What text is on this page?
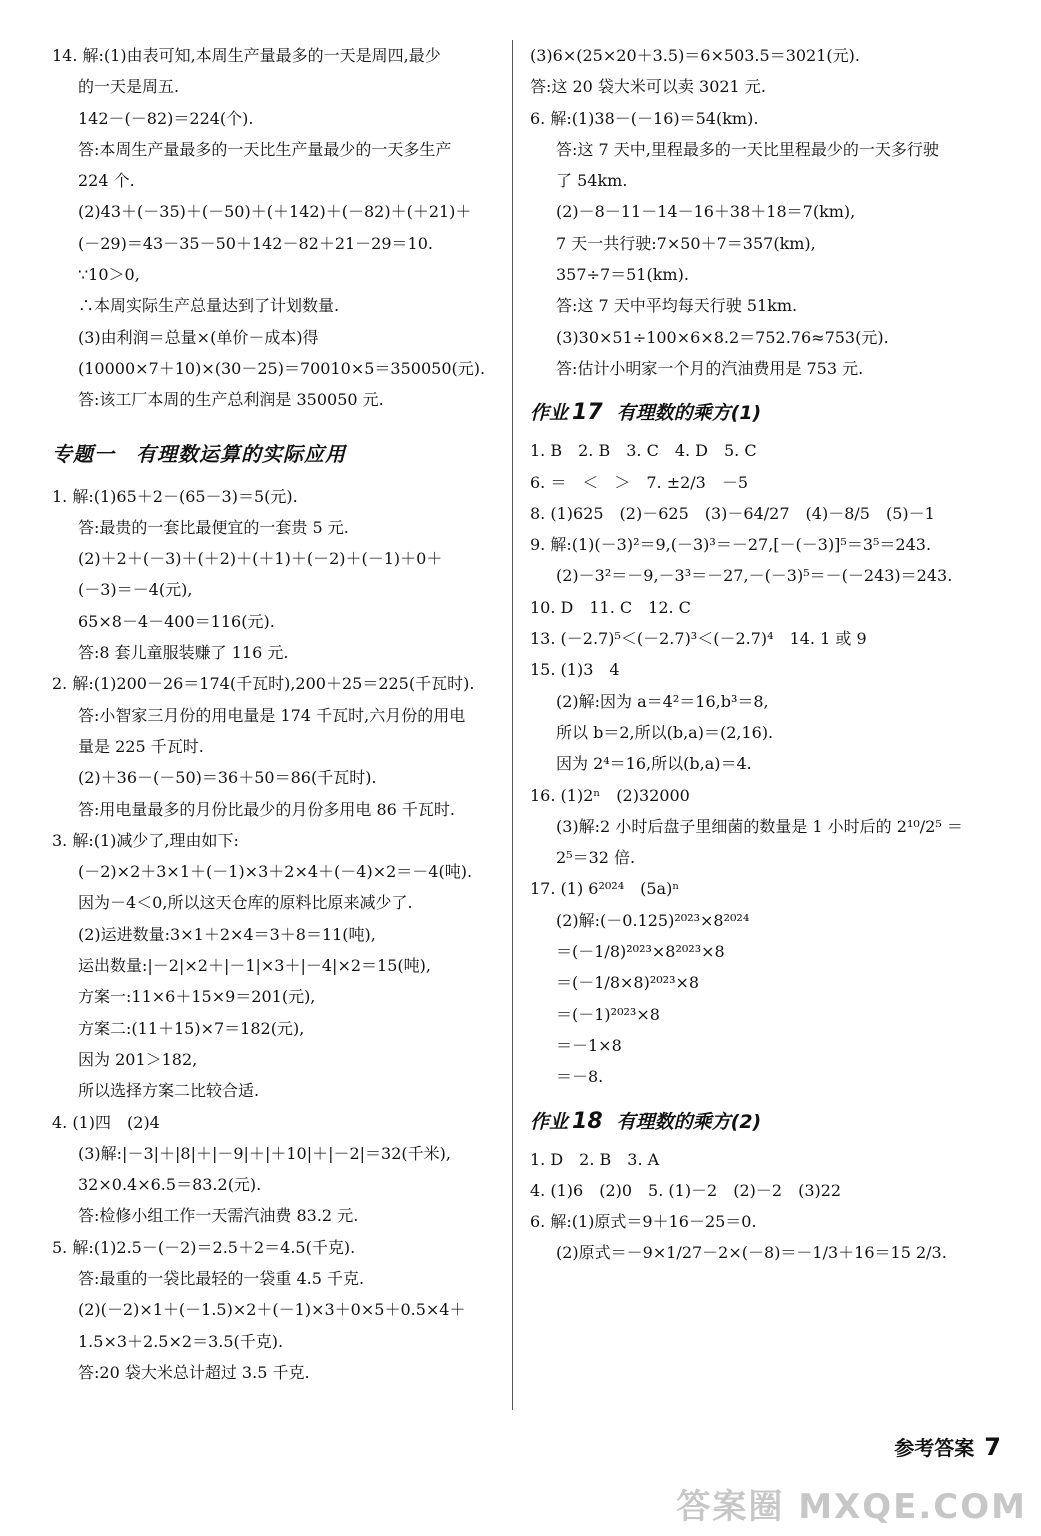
14. 解:(1)由表可知,本周生产量最多的一天是周四,最少
的一天是周五.
142－(－82)＝224(个).
答:本周生产量最多的一天比生产量最少的一天多生产
224 个.
(2)43＋(－35)＋(－50)＋(＋142)＋(－82)＋(＋21)＋
(－29)＝43－35－50＋142－82＋21－29＝10.
∵10＞0,
∴本周实际生产总量达到了计划数量.
(3)由利润＝总量×(单价－成本)得
(10000×7＋10)×(30－25)＝70010×5＝350050(元).
答:该工厂本周的生产总利润是 350050 元.
专题一　有理数运算的实际应用
1. 解:(1)65＋2－(65－3)＝5(元).
答:最贵的一套比最便宜的一套贵 5 元.
(2)＋2＋(－3)＋(＋2)＋(＋1)＋(－2)＋(－1)＋0＋
(－3)＝－4(元),
65×8－4－400＝116(元).
答:8 套儿童服装赚了 116 元.
2. 解:(1)200－26＝174(千瓦时),200＋25＝225(千瓦时).
答:小智家三月份的用电量是 174 千瓦时,六月份的用电
量是 225 千瓦时.
(2)＋36－(－50)＝36＋50＝86(千瓦时).
答:用电量最多的月份比最少的月份多用电 86 千瓦时.
3. 解:(1)减少了,理由如下:
(－2)×2＋3×1＋(－1)×3＋2×4＋(－4)×2＝－4(吨).
因为－4＜0,所以这天仓库的原料比原来减少了.
(2)运进数量:3×1＋2×4＝3＋8＝11(吨),
运出数量:|－2|×2＋|－1|×3＋|－4|×2＝15(吨),
方案一:11×6＋15×9＝201(元),
方案二:(11＋15)×7＝182(元),
因为 201＞182,
所以选择方案二比较合适.
4. (1)四　(2)4
(3)解:|－3|＋|8|＋|－9|＋|＋10|＋|－2|＝32(千米),
32×0.4×6.5＝83.2(元).
答:检修小组工作一天需汽油费 83.2 元.
5. 解:(1)2.5－(－2)＝2.5＋2＝4.5(千克).
答:最重的一袋比最轻的一袋重 4.5 千克.
(2)(－2)×1＋(－1.5)×2＋(－1)×3＋0×5＋0.5×4＋
1.5×3＋2.5×2＝3.5(千克).
答:20 袋大米总计超过 3.5 千克.
(3)6×(25×20＋3.5)＝6×503.5＝3021(元).
答:这 20 袋大米可以卖 3021 元.
6. 解:(1)38－(－16)＝54(km).
答:这 7 天中,里程最多的一天比里程最少的一天多行驶
了 54km.
(2)－8－11－14－16＋38＋18＝7(km),
7 天一共行驶:7×50＋7＝357(km),
357÷7＝51(km).
答:这 7 天中平均每天行驶 51km.
(3)30×51÷100×6×8.2＝752.76≈753(元).
答:估计小明家一个月的汽油费用是 753 元.
作业 17 有理数的乘方(1)
1. B　2. B　3. C　4. D　5. C
6. ＝　＜　＞　7. ±2/3　－5
8. (1)625　(2)－625　(3)－64/27　(4)－8/5　(5)－1
9. 解:(1)(－3)²＝9,(－3)³＝－27,[－(－3)]⁵＝3⁵＝243.
(2)－3²＝－9,－3³＝－27,－(－3)⁵＝－(－243)＝243.
10. D　11. C　12. C
13. (－2.7)⁵＜(－2.7)³＜(－2.7)⁴　14. 1 或 9
15. (1)3　4
(2)解:因为 a＝4²＝16,b³＝8,
所以 b＝2,所以(b,a)＝(2,16).
因为 2⁴＝16,所以(b,a)＝4.
16. (1)2ⁿ　(2)32000
(3)解:2 小时后盘子里细菌的数量是 1 小时后的 2¹⁰/2⁵ ＝
2⁵＝32 倍.
17. (1) 6²⁰²⁴　(5a)ⁿ
(2)解:(－0.125)²⁰²³×8²⁰²⁴
＝(－1/8)²⁰²³×8²⁰²³×8
＝(－1/8×8)²⁰²³×8
＝(－1)²⁰²³×8
＝－1×8
＝－8.
作业 18 有理数的乘方(2)
1. D　2. B　3. A
4. (1)6　(2)0　5. (1)－2　(2)－2　(3)22
6. 解:(1)原式＝9＋16－25＝0.
(2)原式＝－9×1/27－2×(－8)＝－1/3＋16＝15 2/3.
参考答案 7
答案圈 MXQE.COM
